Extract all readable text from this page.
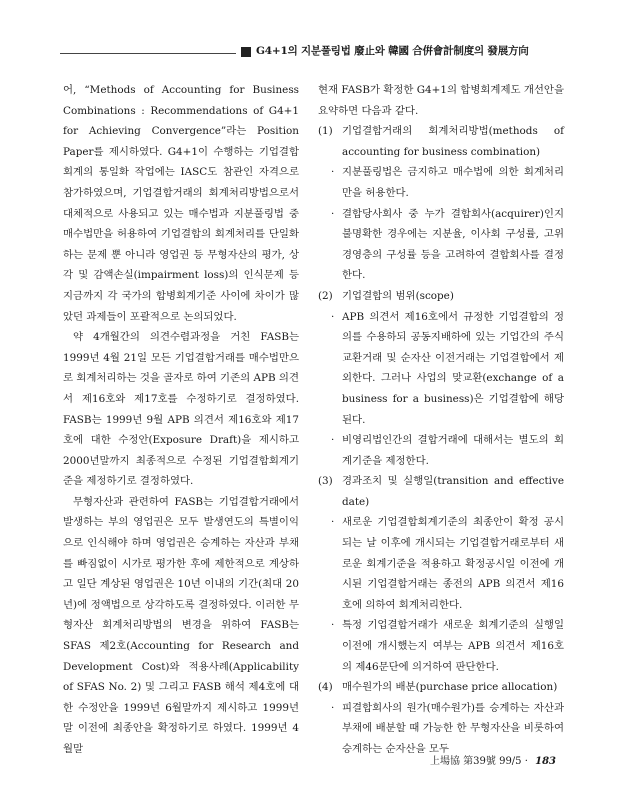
G4+1의 지분풀링법 廢止와 韓國 合倂會計制度의 發展方向

어, “Methods of Accounting for Business Combinations : Recommendations of G4+1 for Achieving Convergence”라는 Position Paper를 제시하였다. G4+1이 수행하는 기업결합회계의 통일화 작업에는 IASC도 참관인 자격으로 참가하였으며, 기업결합거래의 회계처리방법으로서 대체적으로 사용되고 있는 매수법과 지분풀링법 중 매수법만을 허용하여 기업결합의 회계처리를 단일화하는 문제 뿐 아니라 영업권 등 무형자산의 평가, 상각 및 감액손실(impairment loss)의 인식문제 등 지금까지 각 국가의 합병회계기준 사이에 차이가 많았던 과제들이 포괄적으로 논의되었다.

약 4개월간의 의견수렴과정을 거친 FASB는 1999년 4월 21일 모든 기업결합거래를 매수법만으로 회계처리하는 것을 골자로 하여 기존의 APB 의견서 제16호와 제17호를 수정하기로 결정하였다. FASB는 1999년 9월 APB 의견서 제16호와 제17호에 대한 수정안(Exposure Draft)을 제시하고 2000년말까지 최종적으로 수정된 기업결합회계기준을 제정하기로 결정하였다.

무형자산과 관련하여 FASB는 기업결합거래에서 발생하는 부의 영업권은 모두 발생연도의 특별이익으로 인식해야 하며 영업권은 승계하는 자산과 부채를 빠짐없이 시가로 평가한 후에 제한적으로 계상하고 일단 계상된 영업권은 10년 이내의 기간(최대 20년)에 정액법으로 상각하도록 결정하였다. 이러한 무형자산 회계처리방법의 변경을 위하여 FASB는 SFAS 제2호(Accounting for Research and Development Cost)와 적용사례(Applicability of SFAS No. 2) 및 그리고 FASB 해석 제4호에 대한 수정안을 1999년 6월말까지 제시하고 1999년말 이전에 최종안을 확정하기로 하였다. 1999년 4월말

현재 FASB가 확정한 G4+1의 합병회계제도 개선안을 요약하면 다음과 같다.

(1) 기업결합거래의 회계처리방법(methods of accounting for business combination)
· 지분풀링법은 금지하고 매수법에 의한 회계처리만을 허용한다.
· 결합당사회사 중 누가 결합회사(acquirer)인지 불명확한 경우에는 지분율, 이사회 구성률, 고위경영층의 구성률 등을 고려하여 결합회사를 결정한다.
(2) 기업결합의 범위(scope)
· APB 의견서 제16호에서 규정한 기업결합의 정의를 수용하되 공동지배하에 있는 기업간의 주식교환거래 및 순자산 이전거래는 기업결합에서 제외한다. 그러나 사업의 맞교환(exchange of a business for a business)은 기업결합에 해당된다.
· 비영리법인간의 결합거래에 대해서는 별도의 회계기준을 제정한다.
(3) 경과조치 및 실행일(transition and effective date)
· 새로운 기업결합회계기준의 최종안이 확정 공시되는 날 이후에 개시되는 기업결합거래로부터 새로운 회계기준을 적용하고 확정공시일 이전에 개시된 기업결합거래는 종전의 APB 의견서 제16호에 의하여 회계처리한다.
· 특정 기업결합거래가 새로운 회계기준의 실행일 이전에 개시했는지 여부는 APB 의견서 제16호의 제46문단에 의거하여 판단한다.
(4) 매수원가의 배분(purchase price allocation)
· 피결합회사의 원가(매수원가)를 승계하는 자산과 부채에 배분할 때 가능한 한 무형자산을 비롯하여 승계하는 순자산을 모두
上場協 第39號 99/5 · 183
